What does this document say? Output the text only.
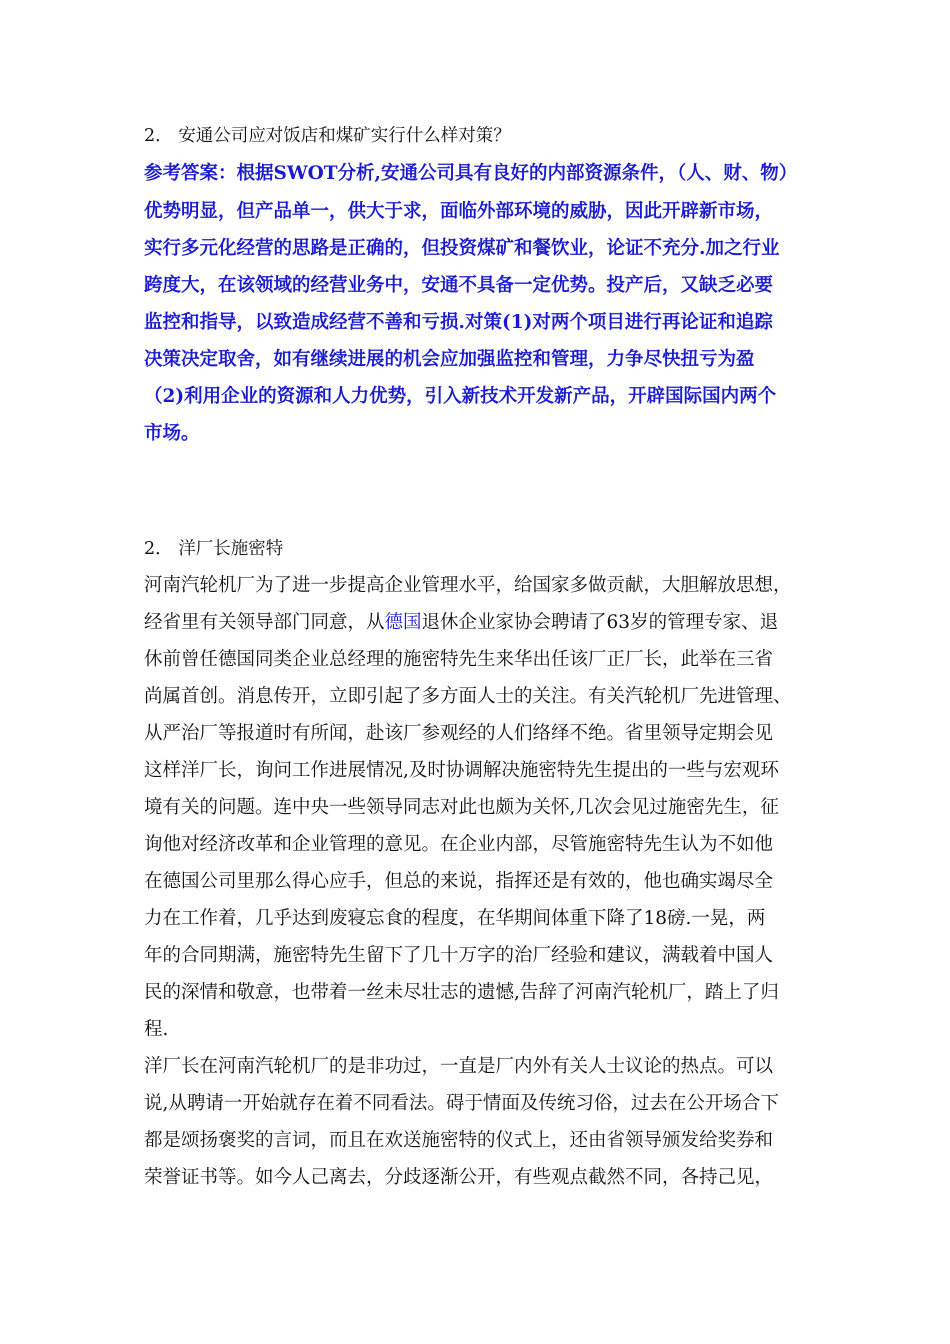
2． 安通公司应对饭店和煤矿实行什么样对策？
参考答案：根据SWOT分析,安通公司具有良好的内部资源条件，（人、财、物）
优势明显，但产品单一，供大于求，面临外部环境的威胁，因此开辟新市场，
实行多元化经营的思路是正确的，但投资煤矿和餐饮业，论证不充分.加之行业
跨度大，在该领域的经营业务中，安通不具备一定优势。投产后，又缺乏必要
监控和指导，以致造成经营不善和亏损.对策(1)对两个项目进行再论证和追踪
决策决定取舍，如有继续进展的机会应加强监控和管理，力争尽快扭亏为盈
（2)利用企业的资源和人力优势，引入新技术开发新产品，开辟国际国内两个
市场。
2． 洋厂长施密特
河南汽轮机厂为了进一步提高企业管理水平，给国家多做贡献，大胆解放思想，
经省里有关领导部门同意，从德国退休企业家协会聘请了63岁的管理专家、退
休前曾任德国同类企业总经理的施密特先生来华出任该厂正厂长，此举在三省
尚属首创。消息传开，立即引起了多方面人士的关注。有关汽轮机厂先进管理、
从严治厂等报道时有所闻，赴该厂参观经的人们络绎不绝。省里领导定期会见
这样洋厂长，询问工作进展情况,及时协调解决施密特先生提出的一些与宏观环
境有关的问题。连中央一些领导同志对此也颇为关怀,几次会见过施密先生，征
询他对经济改革和企业管理的意见。在企业内部，尽管施密特先生认为不如他
在德国公司里那么得心应手，但总的来说，指挥还是有效的，他也确实竭尽全
力在工作着，几乎达到废寝忘食的程度，在华期间体重下降了18磅.一晃，两
年的合同期满，施密特先生留下了几十万字的治厂经验和建议，满载着中国人
民的深情和敬意，也带着一丝未尽壮志的遗憾,告辞了河南汽轮机厂，踏上了归
程.
洋厂长在河南汽轮机厂的是非功过，一直是厂内外有关人士议论的热点。可以
说,从聘请一开始就存在着不同看法。碍于情面及传统习俗，过去在公开场合下
都是颂扬褒奖的言词，而且在欢送施密特的仪式上，还由省领导颁发给奖券和
荣誉证书等。如今人己离去，分歧逐渐公开，有些观点截然不同，各持己见，
